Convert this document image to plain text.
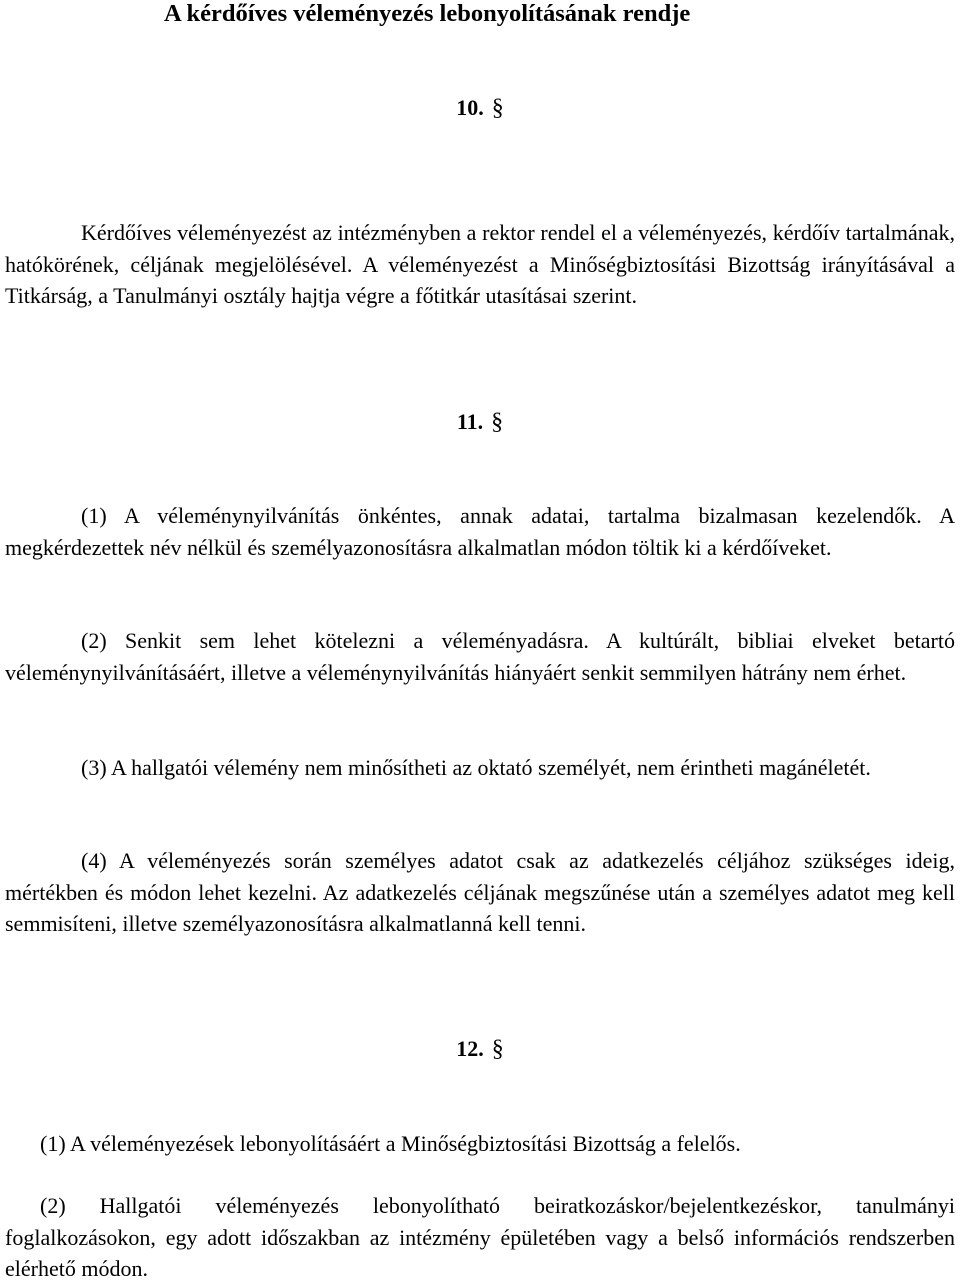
A kérdőíves véleményezés lebonyolításának rendje
10. §

Kérdőíves véleményezést az intézményben a rektor rendel el a véleményezés, kérdőív tartalmának, hatókörének, céljának megjelölésével. A véleményezést a Minőségbiztosítási Bizottság irányításával a Titkárság, a Tanulmányi osztály hajtja végre a főtitkár utasításai szerint.

11. §

(1) A véleménynyilvánítás önkéntes, annak adatai, tartalma bizalmasan kezelendők. A megkérdezettek név nélkül és személyazonosításra alkalmatlan módon töltik ki a kérdőíveket.

(2) Senkit sem lehet kötelezni a véleményadásra. A kultúrált, bibliai elveket betartó véleménynyilvánításáért, illetve a véleménynyilvánítás hiányáért senkit semmilyen hátrány nem érhet.

(3) A hallgatói vélemény nem minősítheti az oktató személyét, nem érintheti magánéletét.

(4) A véleményezés során személyes adatot csak az adatkezelés céljához szükséges ideig, mértékben és módon lehet kezelni. Az adatkezelés céljának megszűnése után a személyes adatot meg kell semmisíteni, illetve személyazonosításra alkalmatlanná kell tenni.

12. §

(1) A véleményezések lebonyolításáért a Minőségbiztosítási Bizottság a felelős.

(2) Hallgatói véleményezés lebonyolítható beiratkozáskor/bejelentkezéskor, tanulmányi foglalkozásokon, egy adott időszakban az intézmény épületében vagy a belső információs rendszerben elérhető módon.
